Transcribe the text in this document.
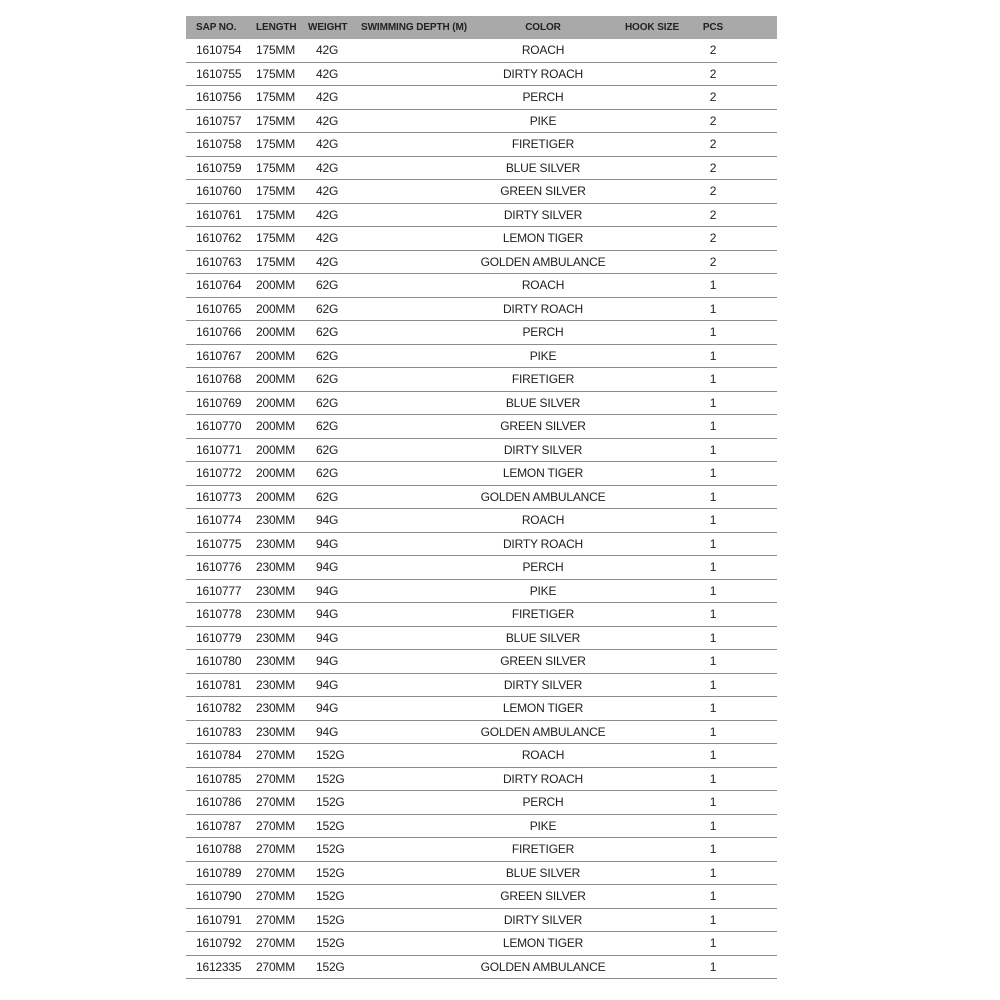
SAP NO.	LENGTH	WEIGHT	SWIMMING DEPTH (M)	COLOR	HOOK SIZE	PCS
1610754	175MM	42G		ROACH		2
1610755	175MM	42G		DIRTY ROACH		2
1610756	175MM	42G		PERCH		2
1610757	175MM	42G		PIKE		2
1610758	175MM	42G		FIRETIGER		2
1610759	175MM	42G		BLUE SILVER		2
1610760	175MM	42G		GREEN SILVER		2
1610761	175MM	42G		DIRTY SILVER		2
1610762	175MM	42G		LEMON TIGER		2
1610763	175MM	42G		GOLDEN AMBULANCE		2
1610764	200MM	62G		ROACH		1
1610765	200MM	62G		DIRTY ROACH		1
1610766	200MM	62G		PERCH		1
1610767	200MM	62G		PIKE		1
1610768	200MM	62G		FIRETIGER		1
1610769	200MM	62G		BLUE SILVER		1
1610770	200MM	62G		GREEN SILVER		1
1610771	200MM	62G		DIRTY SILVER		1
1610772	200MM	62G		LEMON TIGER		1
1610773	200MM	62G		GOLDEN AMBULANCE		1
1610774	230MM	94G		ROACH		1
1610775	230MM	94G		DIRTY ROACH		1
1610776	230MM	94G		PERCH		1
1610777	230MM	94G		PIKE		1
1610778	230MM	94G		FIRETIGER		1
1610779	230MM	94G		BLUE SILVER		1
1610780	230MM	94G		GREEN SILVER		1
1610781	230MM	94G		DIRTY SILVER		1
1610782	230MM	94G		LEMON TIGER		1
1610783	230MM	94G		GOLDEN AMBULANCE		1
1610784	270MM	152G		ROACH		1
1610785	270MM	152G		DIRTY ROACH		1
1610786	270MM	152G		PERCH		1
1610787	270MM	152G		PIKE		1
1610788	270MM	152G		FIRETIGER		1
1610789	270MM	152G		BLUE SILVER		1
1610790	270MM	152G		GREEN SILVER		1
1610791	270MM	152G		DIRTY SILVER		1
1610792	270MM	152G		LEMON TIGER		1
1612335	270MM	152G		GOLDEN AMBULANCE		1
